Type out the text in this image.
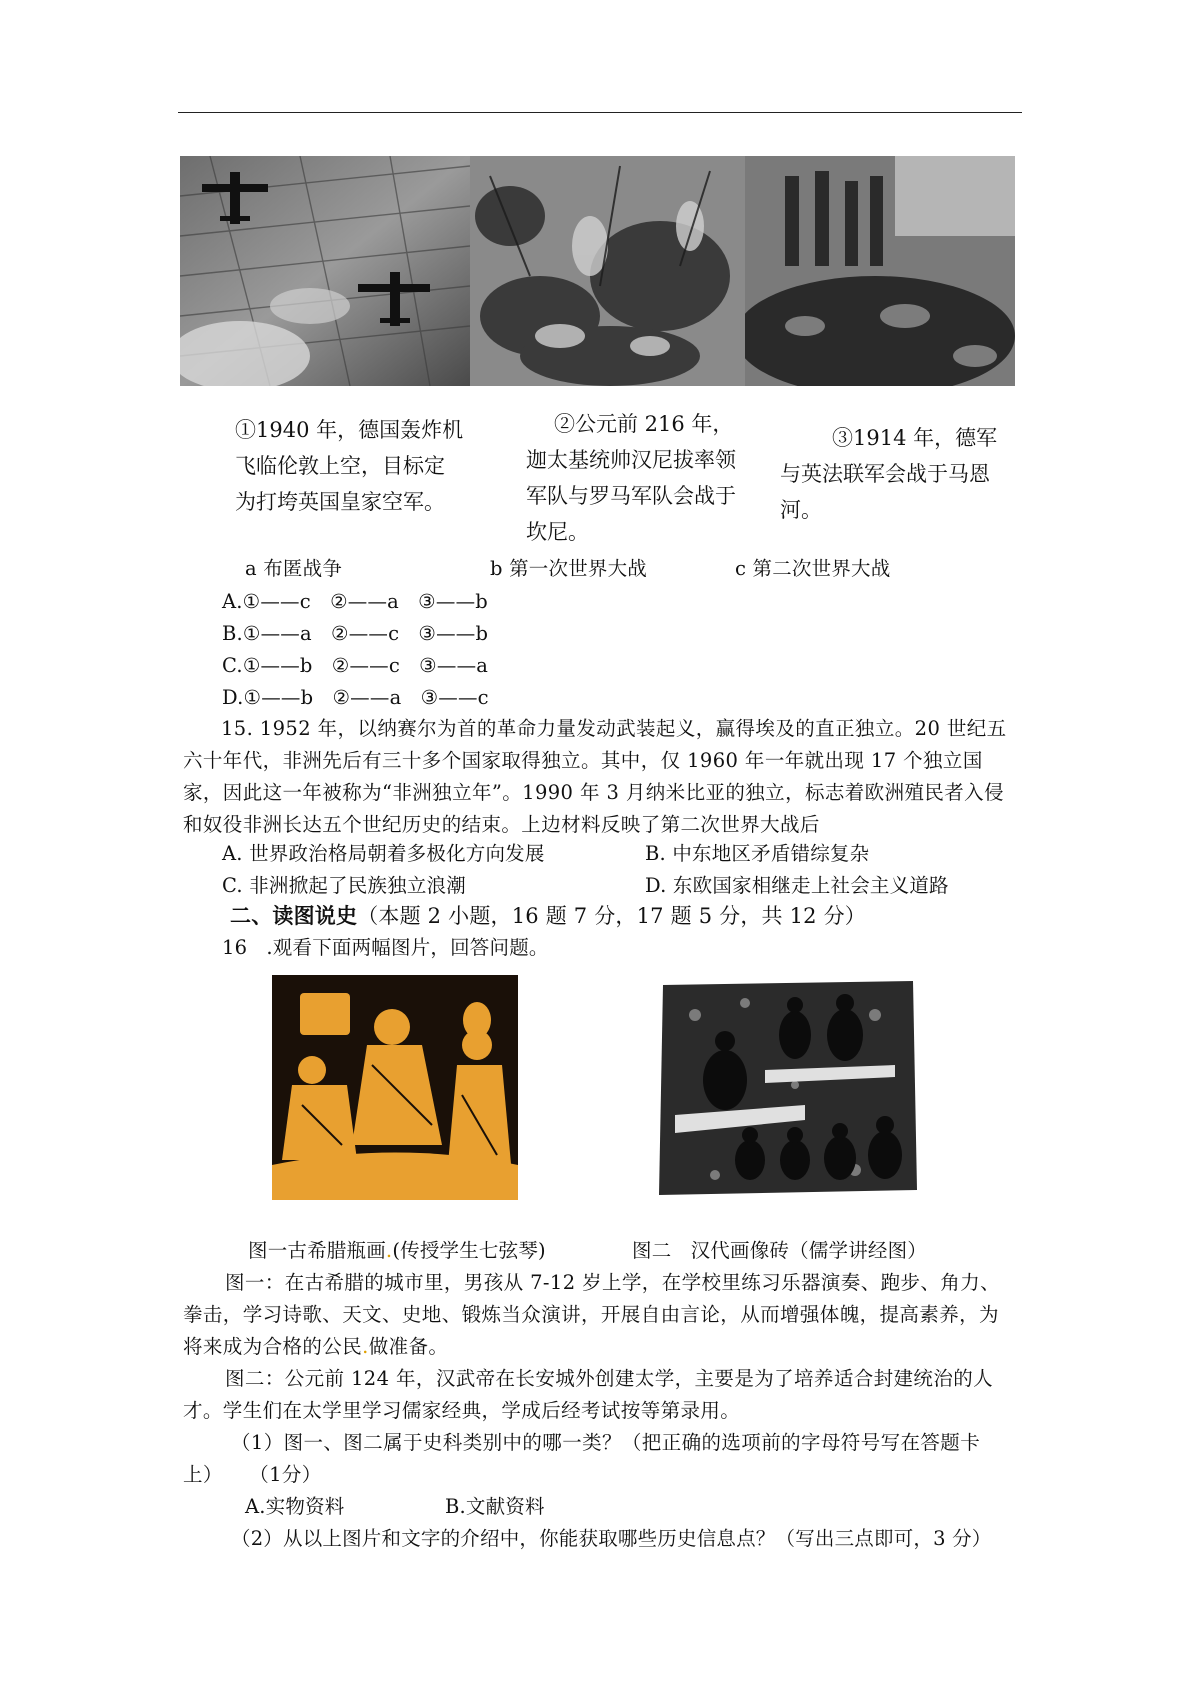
①1940 年，德国轰炸机飞临伦敦上空，目标定为打垮英国皇家空军。
②公元前 216 年，迦太基统帅汉尼拔率领军队与罗马军队会战于坎尼。
③1914 年，德军与英法联军会战于马恩河。
a 布匿战争	b 第一次世界大战	c 第二次世界大战
A.①——c   ②——a   ③——b
B.①——a   ②——c   ③——b
C.①——b   ②——c   ③——a
D.①——b   ②——a   ③——c
15. 1952 年，以纳赛尔为首的革命力量发动武装起义，赢得埃及的直正独立。20 世纪五六十年代，非洲先后有三十多个国家取得独立。其中，仅 1960 年一年就出现 17 个独立国家，因此这一年被称为“非洲独立年”。1990 年 3 月纳米比亚的独立，标志着欧洲殖民者入侵和奴役非洲长达五个世纪历史的结束。上边材料反映了第二次世界大战后
A. 世界政治格局朝着多极化方向发展	B. 中东地区矛盾错综复杂
C. 非洲掀起了民族独立浪潮	D. 东欧国家相继走上社会主义道路
二、读图说史（本题 2 小题，16 题 7 分，17 题 5 分，共 12 分）
16   .观看下面两幅图片，回答问题。
图一古希腊瓶画.(传授学生七弦琴)	图二   汉代画像砖（儒学讲经图）
图一：在古希腊的城市里，男孩从 7-12 岁上学，在学校里练习乐器演奏、跑步、角力、拳击，学习诗歌、天文、史地、锻炼当众演讲，开展自由言论，从而增强体魄，提高素养，为将来成为合格的公民.做准备。
图二：公元前 124 年，汉武帝在长安城外创建太学，主要是为了培养适合封建统治的人才。学生们在太学里学习儒家经典，学成后经考试按等第录用。
（1）图一、图二属于史科类别中的哪一类？（把正确的选项前的字母符号写在答题卡上）    （1分）
A.实物资料	B.文献资料
（2）从以上图片和文字的介绍中，你能获取哪些历史信息点？（写出三点即可，3 分）
